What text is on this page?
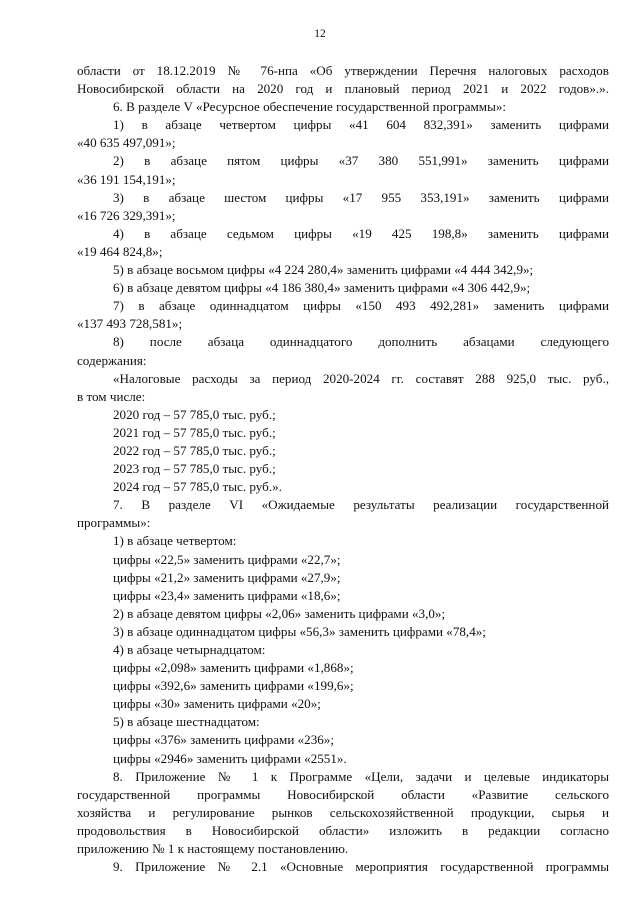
12
области от 18.12.2019 № 76-нпа «Об утверждении Перечня налоговых расходов
Новосибирской области на 2020 год и плановый период 2021 и 2022 годов».».
6. В разделе V «Ресурсное обеспечение государственной программы»:
1) в абзаце четвертом цифры «41 604 832,391» заменить цифрами
«40 635 497,091»;
2) в абзаце пятом цифры «37 380 551,991» заменить цифрами
«36 191 154,191»;
3) в абзаце шестом цифры «17 955 353,191» заменить цифрами
«16 726 329,391»;
4) в абзаце седьмом цифры «19 425 198,8» заменить цифрами
«19 464 824,8»;
5) в абзаце восьмом цифры «4 224 280,4» заменить цифрами «4 444 342,9»;
6) в абзаце девятом цифры «4 186 380,4» заменить цифрами «4 306 442,9»;
7) в абзаце одиннадцатом цифры «150 493 492,281» заменить цифрами
«137 493 728,581»;
8) после абзаца одиннадцатого дополнить абзацами следующего
содержания:
«Налоговые расходы за период 2020-2024 гг. составят 288 925,0 тыс. руб.,
в том числе:
2020 год – 57 785,0 тыс. руб.;
2021 год – 57 785,0 тыс. руб.;
2022 год – 57 785,0 тыс. руб.;
2023 год – 57 785,0 тыс. руб.;
2024 год – 57 785,0 тыс. руб.».
7. В разделе VI «Ожидаемые результаты реализации государственной
программы»:
1) в абзаце четвертом:
цифры «22,5» заменить цифрами «22,7»;
цифры «21,2» заменить цифрами «27,9»;
цифры «23,4» заменить цифрами «18,6»;
2) в абзаце девятом цифры «2,06» заменить цифрами «3,0»;
3) в абзаце одиннадцатом цифры «56,3» заменить цифрами «78,4»;
4) в абзаце четырнадцатом:
цифры «2,098» заменить цифрами «1,868»;
цифры «392,6» заменить цифрами «199,6»;
цифры «30» заменить цифрами «20»;
5) в абзаце шестнадцатом:
цифры «376» заменить цифрами «236»;
цифры «2946» заменить цифрами «2551».
8. Приложение № 1 к Программе «Цели, задачи и целевые индикаторы
государственной программы Новосибирской области «Развитие сельского
хозяйства и регулирование рынков сельскохозяйственной продукции, сырья и
продовольствия в Новосибирской области» изложить в редакции согласно
приложению № 1 к настоящему постановлению.
9. Приложение № 2.1 «Основные мероприятия государственной программы
